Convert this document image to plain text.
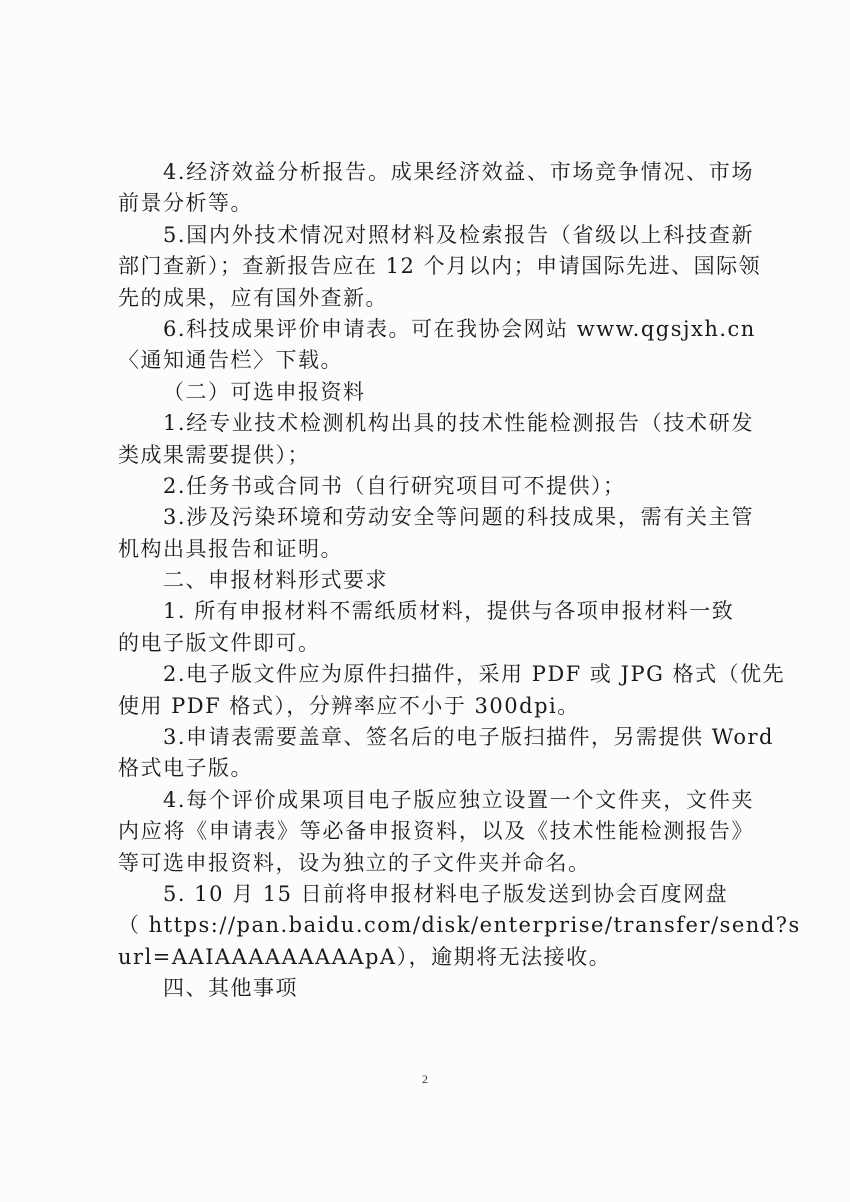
4.经济效益分析报告。成果经济效益、市场竞争情况、市场
前景分析等。
5.国内外技术情况对照材料及检索报告（省级以上科技查新
部门查新）；查新报告应在 12 个月以内；申请国际先进、国际领
先的成果，应有国外查新。
6.科技成果评价申请表。可在我协会网站 www.qgsjxh.cn
〈通知通告栏〉下载。
（二）可选申报资料
1.经专业技术检测机构出具的技术性能检测报告（技术研发
类成果需要提供）；
2.任务书或合同书（自行研究项目可不提供）；
3.涉及污染环境和劳动安全等问题的科技成果，需有关主管
机构出具报告和证明。
二、申报材料形式要求
1. 所有申报材料不需纸质材料，提供与各项申报材料一致
的电子版文件即可。
2.电子版文件应为原件扫描件，采用 PDF 或 JPG 格式（优先
使用 PDF 格式），分辨率应不小于 300dpi。
3.申请表需要盖章、签名后的电子版扫描件，另需提供 Word
格式电子版。
4.每个评价成果项目电子版应独立设置一个文件夹，文件夹
内应将《申请表》等必备申报资料，以及《技术性能检测报告》
等可选申报资料，设为独立的子文件夹并命名。
5. 10 月 15 日前将申报材料电子版发送到协会百度网盘
（ https://pan.baidu.com/disk/enterprise/transfer/send?s
url=AAIAAAAAAAAApA），逾期将无法接收。
四、其他事项
2
